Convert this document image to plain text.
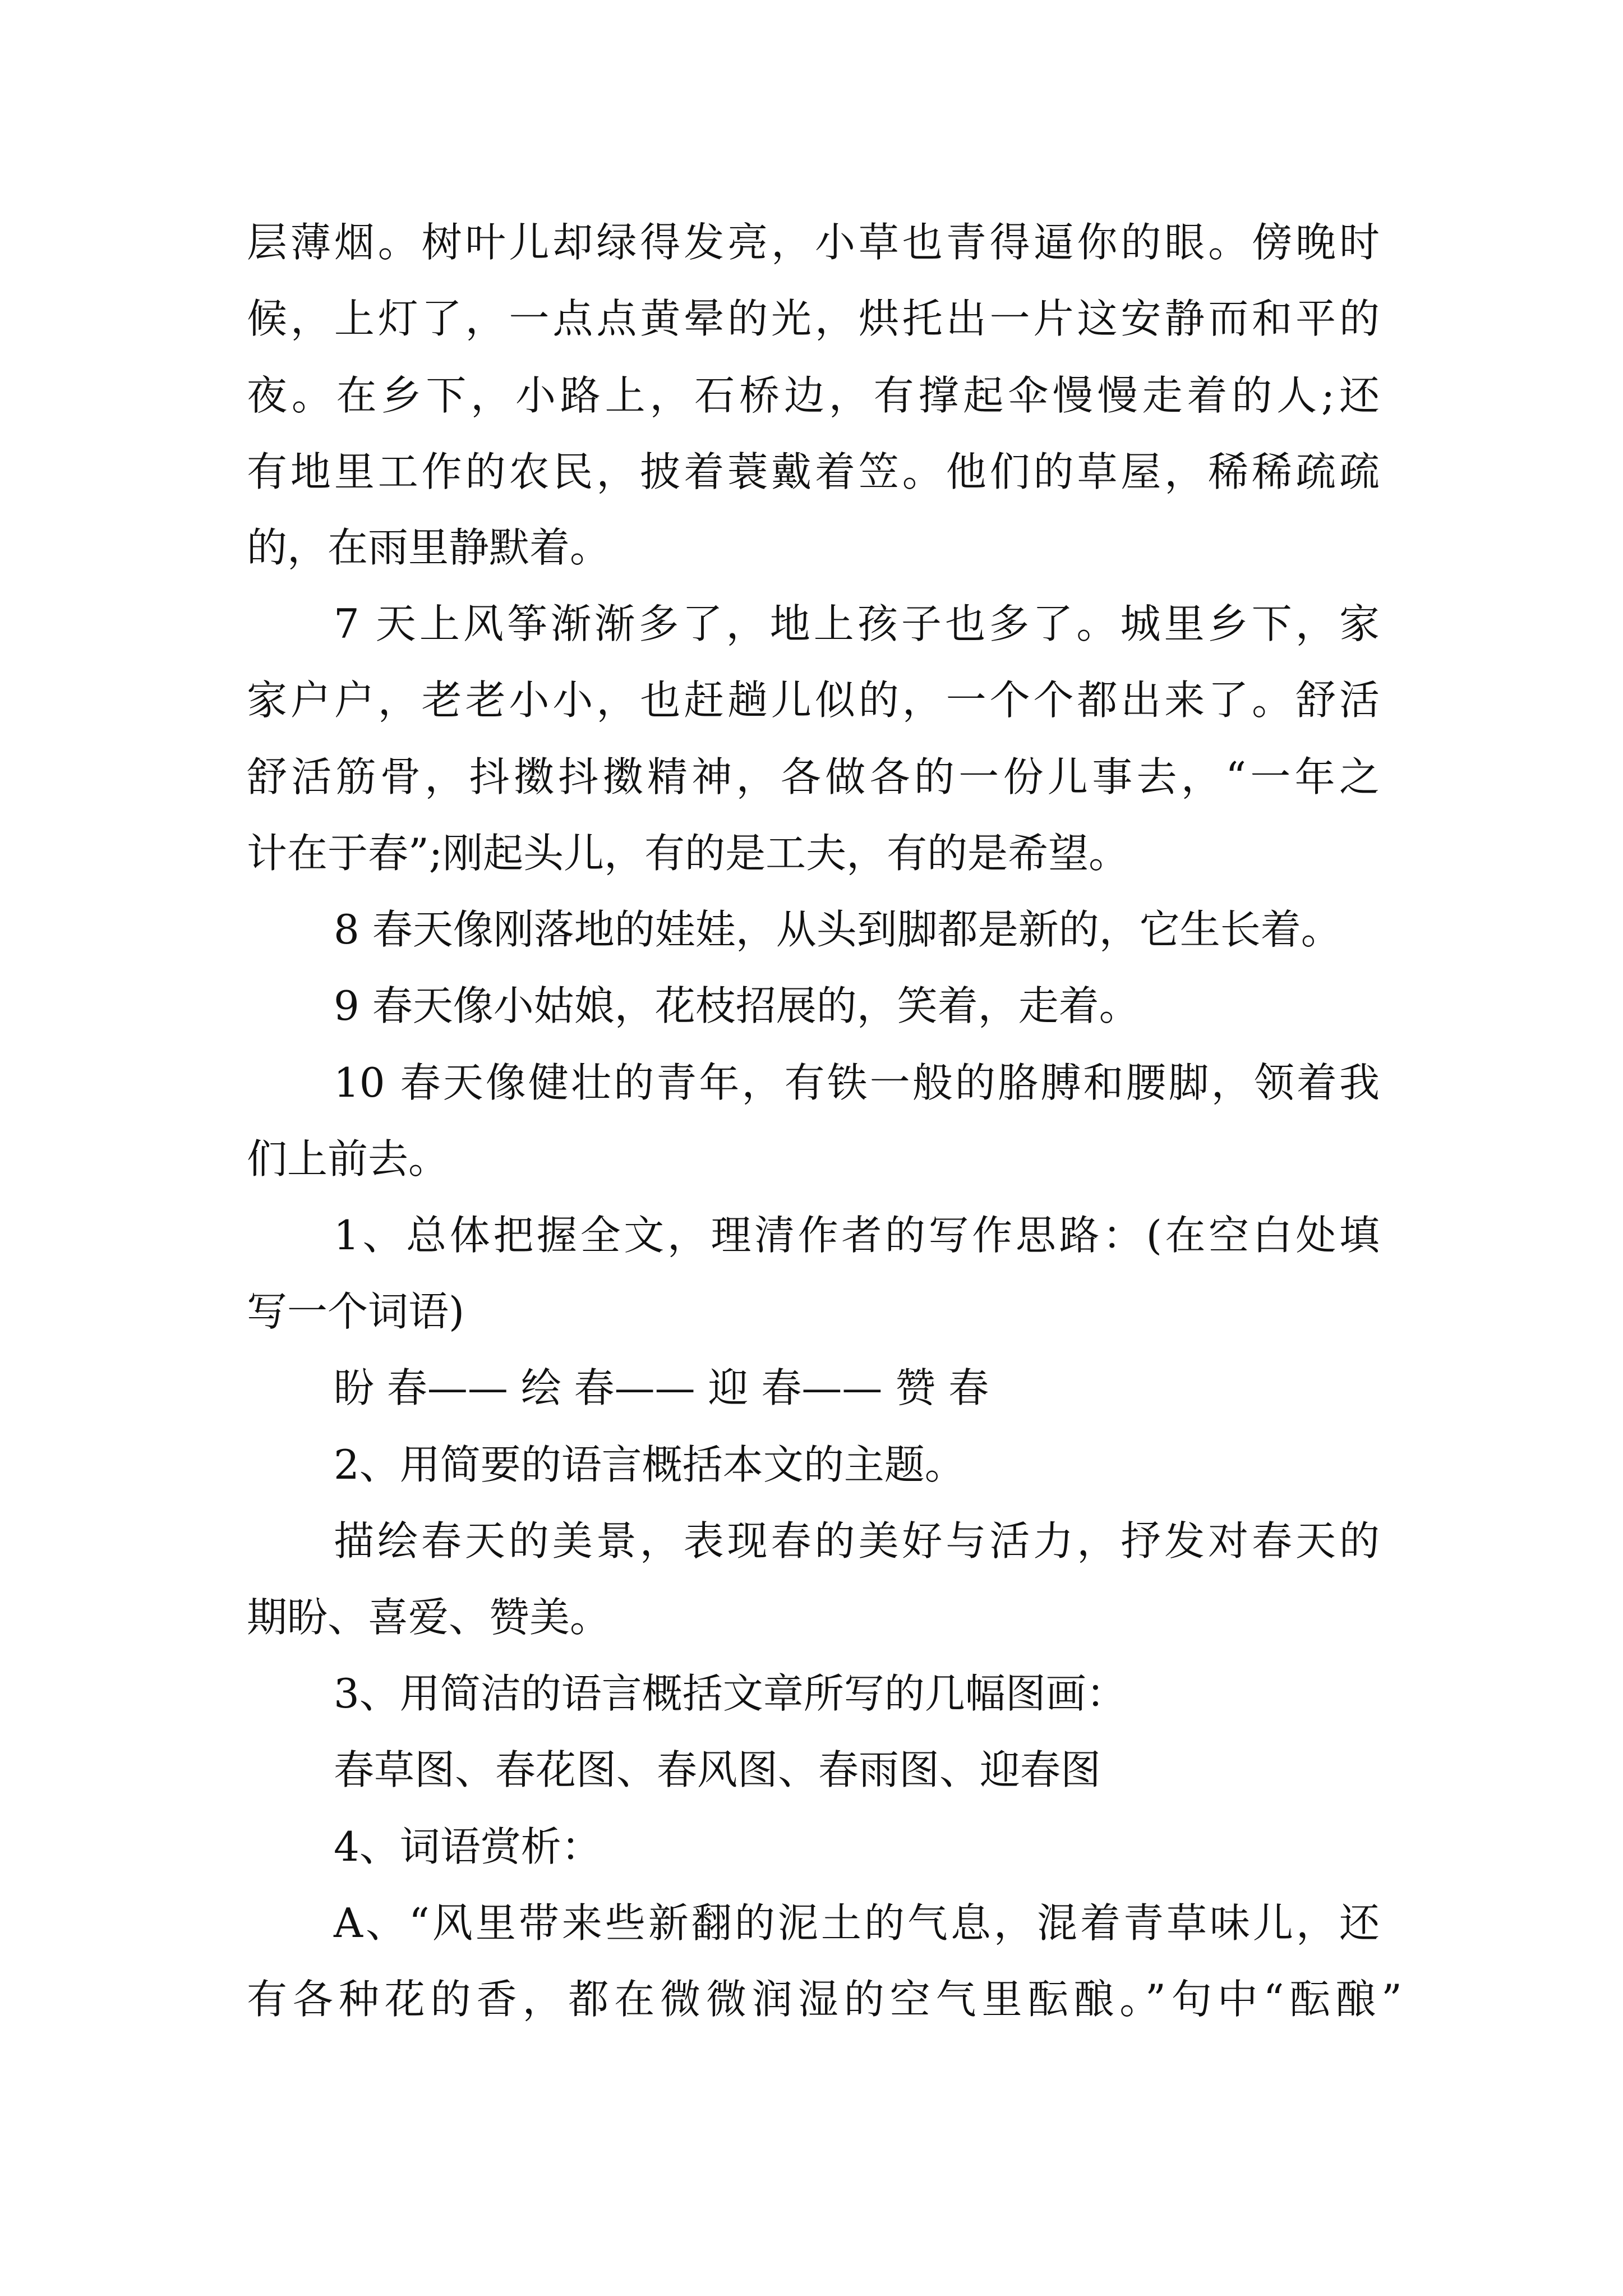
层薄烟。树叶儿却绿得发亮，小草也青得逼你的眼。傍晚时

候，上灯了，一点点黄晕的光，烘托出一片这安静而和平的

夜。在乡下，小路上，石桥边，有撑起伞慢慢走着的人;还

有地里工作的农民，披着蓑戴着笠。他们的草屋，稀稀疏疏

的，在雨里静默着。

7 天上风筝渐渐多了，地上孩子也多了。城里乡下，家

家户户，老老小小，也赶趟儿似的，一个个都出来了。舒活

舒活筋骨，抖擞抖擞精神，各做各的一份儿事去，“一年之

计在于春”;刚起头儿，有的是工夫，有的是希望。

8 春天像刚落地的娃娃，从头到脚都是新的，它生长着。

9 春天像小姑娘，花枝招展的，笑着，走着。

10 春天像健壮的青年，有铁一般的胳膊和腰脚，领着我

们上前去。

1、总体把握全文，理清作者的写作思路：(在空白处填

写一个词语)

盼 春—— 绘 春—— 迎 春—— 赞 春

2、用简要的语言概括本文的主题。

描绘春天的美景，表现春的美好与活力，抒发对春天的

期盼、喜爱、赞美。

3、用简洁的语言概括文章所写的几幅图画：

春草图、春花图、春风图、春雨图、迎春图

4、词语赏析：

A、“风里带来些新翻的泥土的气息，混着青草味儿，还

有各种花的香，都在微微润湿的空气里酝酿。”句中“酝酿”
